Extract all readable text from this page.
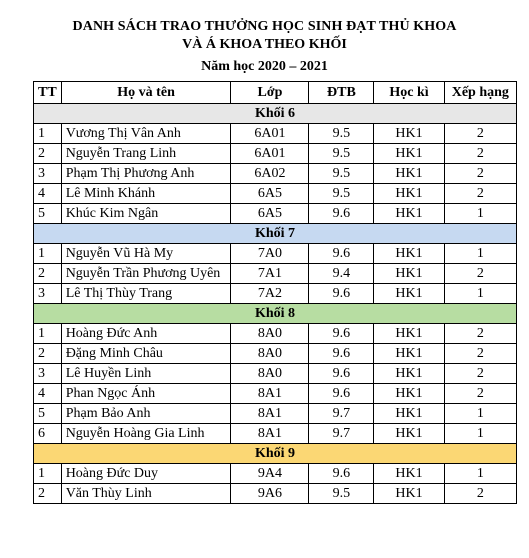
DANH SÁCH TRAO THƯỞNG HỌC SINH ĐẠT THỦ KHOA
VÀ Á KHOA THEO KHỐI
Năm học 2020 – 2021
TT	Họ và tên	Lớp	ĐTB	Học kì	Xếp hạng
Khối 6					
1	Vương Thị Vân Anh	6A01	9.5	HK1	2
2	Nguyễn Trang Linh	6A01	9.5	HK1	2
3	Phạm Thị Phương Anh	6A02	9.5	HK1	2
4	Lê Minh Khánh	6A5	9.5	HK1	2
5	Khúc Kim Ngân	6A5	9.6	HK1	1
Khối 7					
1	Nguyễn Vũ Hà My	7A0	9.6	HK1	1
2	Nguyễn Trần Phương Uyên	7A1	9.4	HK1	2
3	Lê Thị Thùy Trang	7A2	9.6	HK1	1
Khối 8					
1	Hoàng Đức Anh	8A0	9.6	HK1	2
2	Đặng Minh Châu	8A0	9.6	HK1	2
3	Lê Huyền Linh	8A0	9.6	HK1	2
4	Phan Ngọc Ánh	8A1	9.6	HK1	2
5	Phạm Bảo Anh	8A1	9.7	HK1	1
6	Nguyễn Hoàng Gia Linh	8A1	9.7	HK1	1
Khối 9					
1	Hoàng Đức Duy	9A4	9.6	HK1	1
2	Văn Thùy Linh	9A6	9.5	HK1	2
